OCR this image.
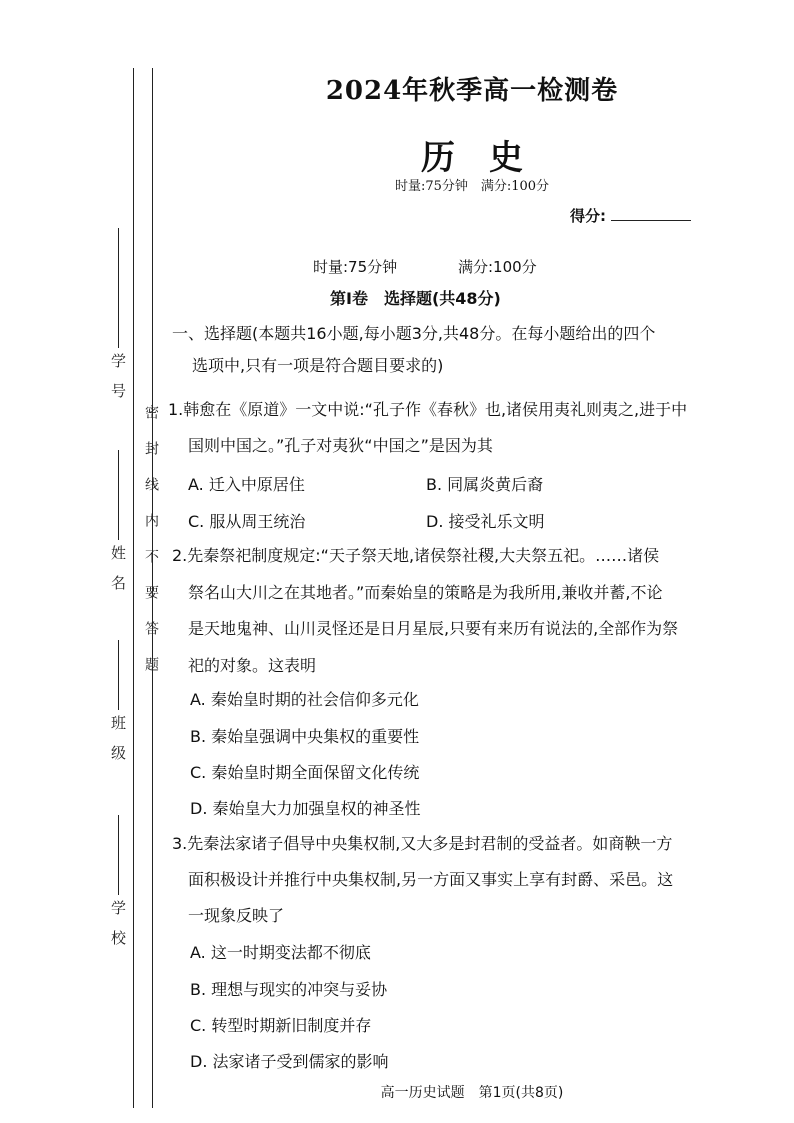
密封线内不要答题
学　号
姓　名
班　级
学　校
2024年秋季高一检测卷
历　史
时量:75分钟　满分:100分
得分:
时量:75分钟	满分:100分
第Ⅰ卷　选择题(共48分)
一、选择题(本题共16小题,每小题3分,共48分。在每小题给出的四个
选项中,只有一项是符合题目要求的)
1.韩愈在《原道》一文中说:“孔子作《春秋》也,诸侯用夷礼则夷之,进于中
国则中国之。”孔子对夷狄“中国之”是因为其
A. 迁入中原居住	B. 同属炎黄后裔
C. 服从周王统治	D. 接受礼乐文明
2.先秦祭祀制度规定:“天子祭天地,诸侯祭社稷,大夫祭五祀。……诸侯
祭名山大川之在其地者。”而秦始皇的策略是为我所用,兼收并蓄,不论
是天地鬼神、山川灵怪还是日月星辰,只要有来历有说法的,全部作为祭
祀的对象。这表明
A. 秦始皇时期的社会信仰多元化
B. 秦始皇强调中央集权的重要性
C. 秦始皇时期全面保留文化传统
D. 秦始皇大力加强皇权的神圣性
3.先秦法家诸子倡导中央集权制,又大多是封君制的受益者。如商鞅一方
面积极设计并推行中央集权制,另一方面又事实上享有封爵、采邑。这
一现象反映了
A. 这一时期变法都不彻底
B. 理想与现实的冲突与妥协
C. 转型时期新旧制度并存
D. 法家诸子受到儒家的影响
高一历史试题　第1页(共8页)
